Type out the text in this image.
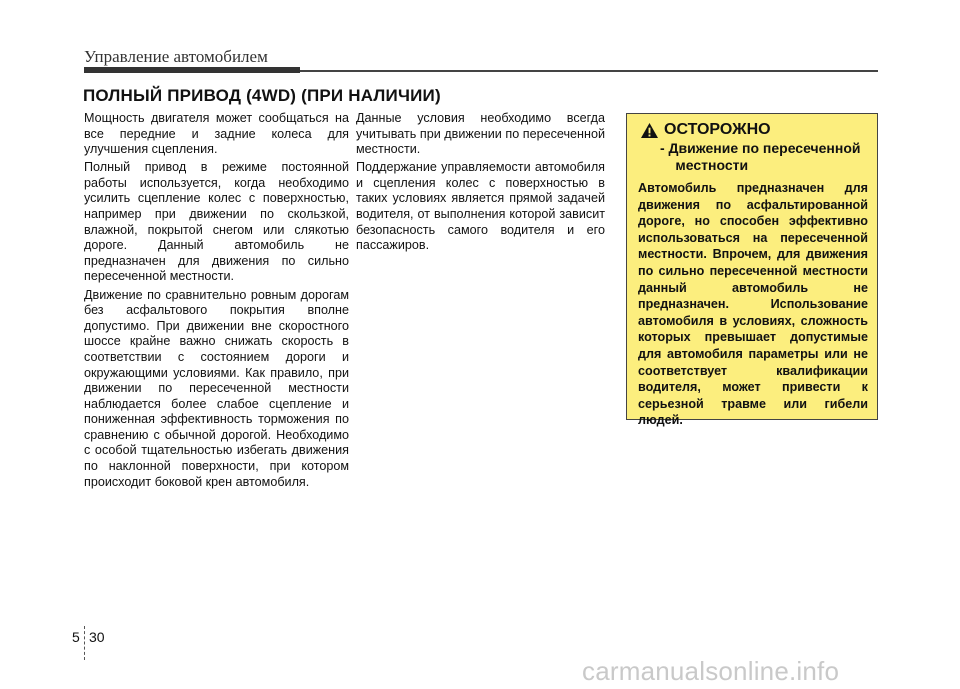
Управление автомобилем
ПОЛНЫЙ ПРИВОД (4WD) (ПРИ НАЛИЧИИ)

Мощность двигателя может сообщаться на все передние и задние колеса для улучшения сцепления.

Полный привод в режиме постоянной работы используется, когда необходимо усилить сцепление колес с поверхностью, например при движении по скользкой, влажной, покрытой снегом или слякотью дороге. Данный автомобиль не предназначен для движения по сильно пересеченной местности.

Движение по сравнительно ровным дорогам без асфальтового покрытия вполне допустимо. При движении вне скоростного шоссе крайне важно снижать скорость в соответствии с состоянием дороги и окружающими условиями. Как правило, при движении по пересеченной местности наблюдается более слабое сцепление и пониженная эффективность торможения по сравнению с обычной дорогой. Необходимо с особой тщательностью избегать движения по наклонной поверхности, при котором происходит боковой крен автомобиля.

Данные условия необходимо всегда учитывать при движении по пересеченной местности.

Поддержание управляемости автомобиля и сцепления колес с поверхностью в таких условиях является прямой задачей водителя, от выполнения которой зависит безопасность самого водителя и его пассажиров.

ОСТОРОЖНО
- Движение по пересеченной местности
Автомобиль предназначен для движения по асфальтированной дороге, но способен эффективно использоваться на пересеченной местности. Впрочем, для движения по сильно пересеченной местности данный автомобиль не предназначен. Использование автомобиля в условиях, сложность которых превышает допустимые для автомобиля параметры или не соответствует квалификации водителя, может привести к серьезной травме или гибели людей.
5 30
carmanualsonline.info
